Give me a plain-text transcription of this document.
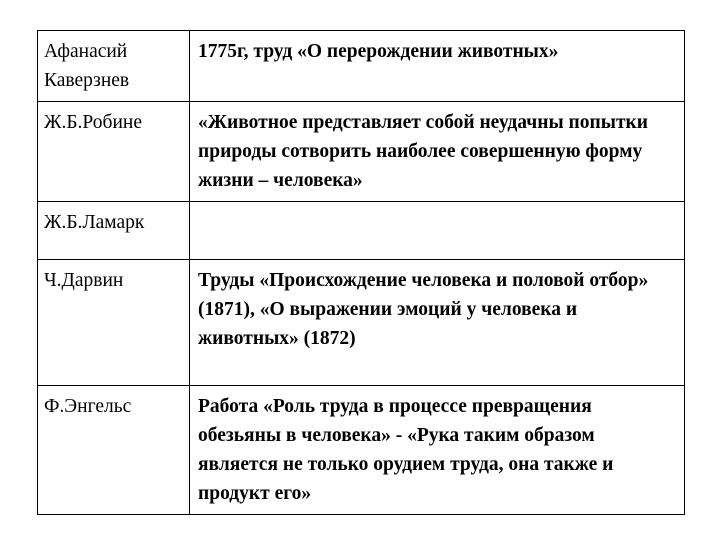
Афанасий Каверзнев	1775г, труд «О перерождении животных»
Ж.Б.Робине	«Животное представляет собой неудачны попытки природы сотворить наиболее совершенную форму жизни – человека»
Ж.Б.Ламарк	
Ч.Дарвин	Труды «Происхождение человека и половой отбор» (1871), «О выражении эмоций у человека и животных» (1872)
Ф.Энгельс	Работа «Роль труда в процессе превращения обезьяны в человека» - «Рука таким образом является не только орудием труда, она также и продукт его»
